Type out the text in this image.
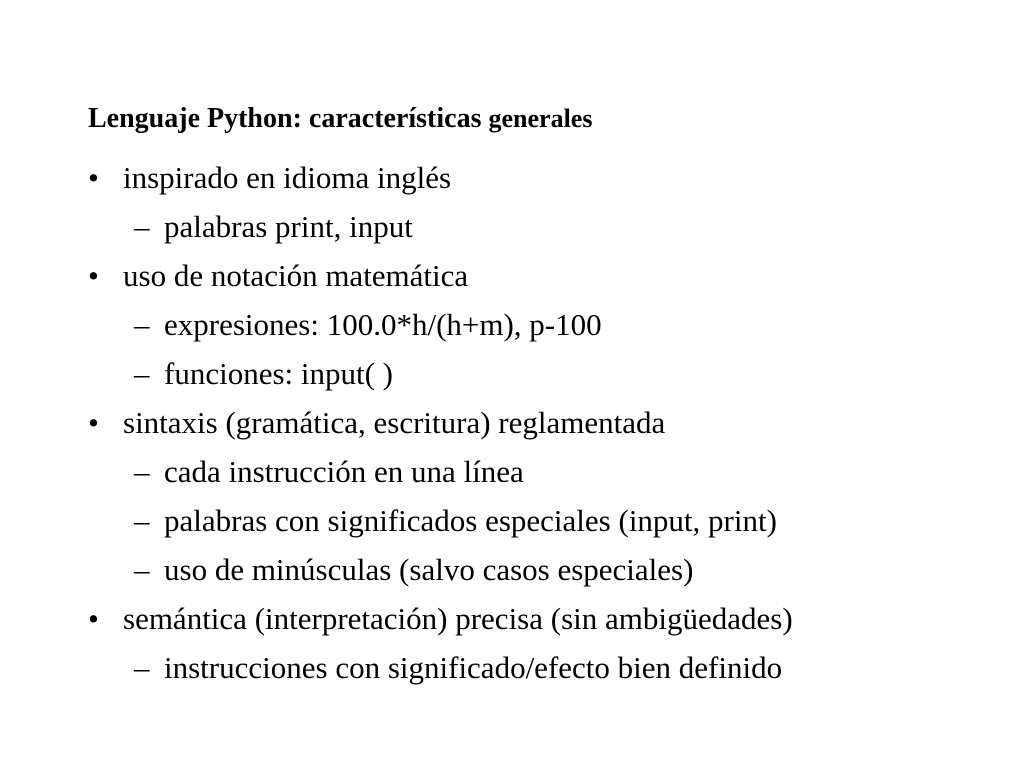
Lenguaje Python: características generales
• inspirado en idioma inglés
– palabras print, input
• uso de notación matemática
– expresiones: 100.0*h/(h+m), p-100
– funciones: input( )
• sintaxis (gramática, escritura) reglamentada
– cada instrucción en una línea
– palabras con significados especiales (input, print)
– uso de minúsculas (salvo casos especiales)
• semántica (interpretación) precisa (sin ambigüedades)
– instrucciones con significado/efecto bien definido
